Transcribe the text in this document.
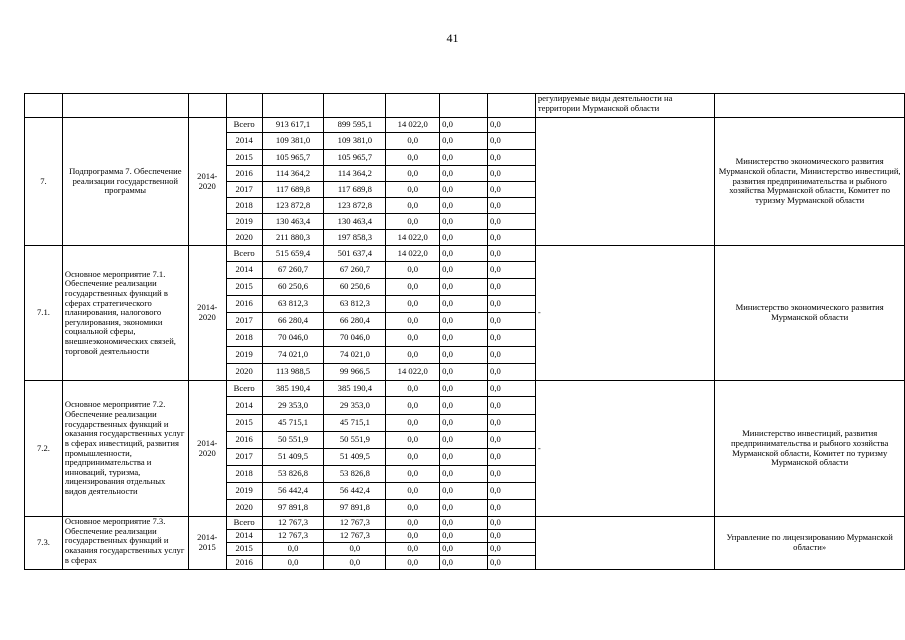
41
									регулируемые виды деятельности на территории Мурманской области	
7.	Подпрограмма 7. Обеспечение реализации государственной программы	2014-2020	Всего	913 617,1	899 595,1	14 022,0	0,0	0,0		Министерство экономического развития Мурманской области, Министерство инвестиций, развития предпринимательства и рыбного хозяйства Мурманской области, Комитет по туризму Мурманской области
			2014	109 381,0	109 381,0	0,0	0,0	0,0		
			2015	105 965,7	105 965,7	0,0	0,0	0,0		
			2016	114 364,2	114 364,2	0,0	0,0	0,0		
			2017	117 689,8	117 689,8	0,0	0,0	0,0		
			2018	123 872,8	123 872,8	0,0	0,0	0,0		
			2019	130 463,4	130 463,4	0,0	0,0	0,0		
			2020	211 880,3	197 858,3	14 022,0	0,0	0,0		
7.1.	Основное мероприятие 7.1. Обеспечение реализации государственных функций в сферах стратегического планирования, налогового регулирования, экономики социальной сферы, внешнеэкономических связей, торговой деятельности	2014-2020	Всего	515 659,4	501 637,4	14 022,0	0,0	0,0	-	Министерство экономического развития Мурманской области
			2014	67 260,7	67 260,7	0,0	0,0	0,0		
			2015	60 250,6	60 250,6	0,0	0,0	0,0		
			2016	63 812,3	63 812,3	0,0	0,0	0,0		
			2017	66 280,4	66 280,4	0,0	0,0	0,0		
			2018	70 046,0	70 046,0	0,0	0,0	0,0		
			2019	74 021,0	74 021,0	0,0	0,0	0,0		
			2020	113 988,5	99 966,5	14 022,0	0,0	0,0		
7.2.	Основное мероприятие 7.2. Обеспечение реализации государственных функций и оказания государственных услуг в сферах инвестиций, развития промышленности, предпринимательства и инноваций, туризма, лицензирования отдельных видов деятельности	2014-2020	Всего	385 190,4	385 190,4	0,0	0,0	0,0	-	Министерство инвестиций, развития предпринимательства и рыбного хозяйства Мурманской области, Комитет по туризму Мурманской области
			2014	29 353,0	29 353,0	0,0	0,0	0,0		
			2015	45 715,1	45 715,1	0,0	0,0	0,0		
			2016	50 551,9	50 551,9	0,0	0,0	0,0		
			2017	51 409,5	51 409,5	0,0	0,0	0,0		
			2018	53 826,8	53 826,8	0,0	0,0	0,0		
			2019	56 442,4	56 442,4	0,0	0,0	0,0		
			2020	97 891,8	97 891,8	0,0	0,0	0,0		
7.3.	Основное мероприятие 7.3. Обеспечение реализации государственных функций и оказания государственных услуг в сферах	2014-2015	Всего	12 767,3	12 767,3	0,0	0,0	0,0		Управление по лицензированию Мурманской области»
			2014	12 767,3	12 767,3	0,0	0,0	0,0		
			2015	0,0	0,0	0,0	0,0	0,0		
			2016	0,0	0,0	0,0	0,0	0,0		
